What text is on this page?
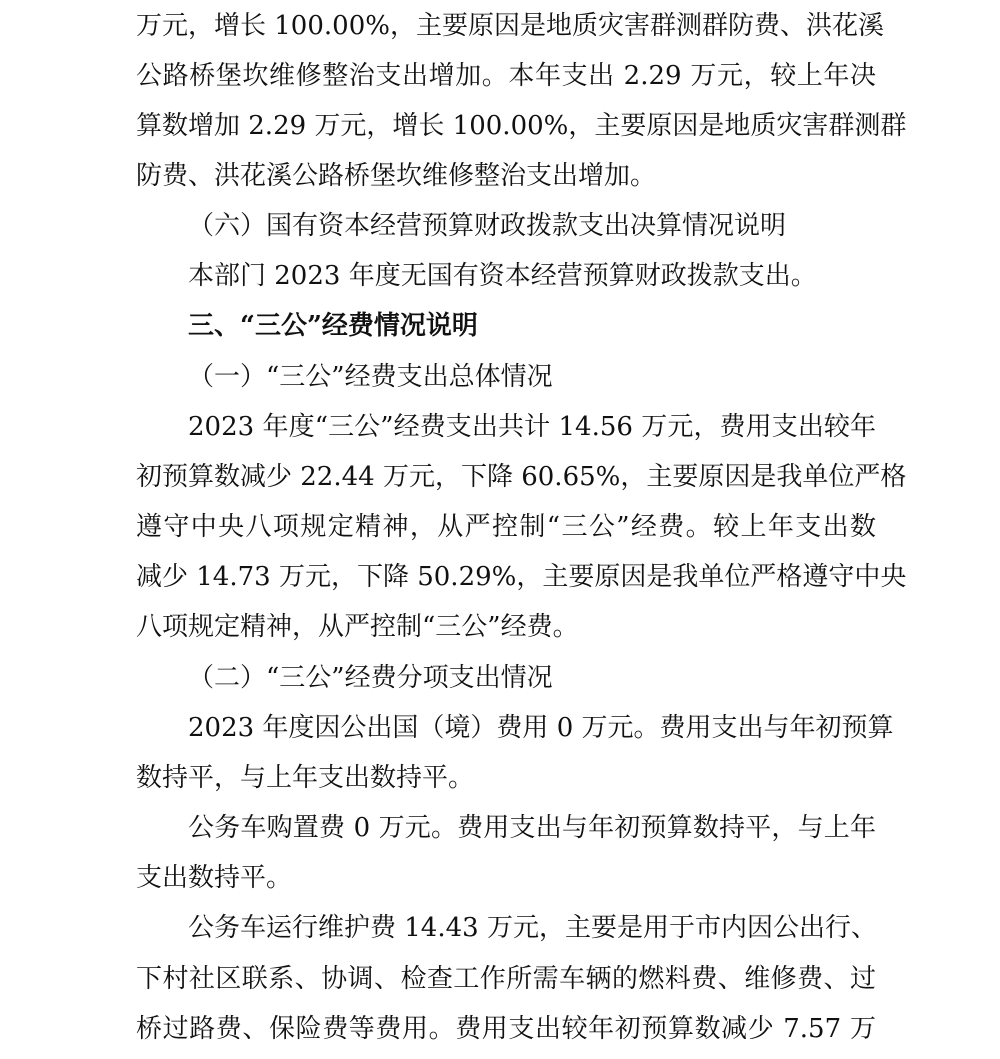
万元，增长 100.00%，主要原因是地质灾害群测群防费、洪花溪
公路桥堡坎维修整治支出增加。本年支出 2.29 万元，较上年决
算数增加 2.29 万元，增长 100.00%，主要原因是地质灾害群测群
防费、洪花溪公路桥堡坎维修整治支出增加。
（六）国有资本经营预算财政拨款支出决算情况说明
本部门 2023 年度无国有资本经营预算财政拨款支出。
三、“三公”经费情况说明
（一）“三公”经费支出总体情况
2023 年度“三公”经费支出共计 14.56 万元，费用支出较年
初预算数减少 22.44 万元，下降 60.65%，主要原因是我单位严格
遵守中央八项规定精神，从严控制“三公”经费。较上年支出数
减少 14.73 万元，下降 50.29%，主要原因是我单位严格遵守中央
八项规定精神，从严控制“三公”经费。
（二）“三公”经费分项支出情况
2023 年度因公出国（境）费用 0 万元。费用支出与年初预算
数持平，与上年支出数持平。
公务车购置费 0 万元。费用支出与年初预算数持平，与上年
支出数持平。
公务车运行维护费 14.43 万元，主要是用于市内因公出行、
下村社区联系、协调、检查工作所需车辆的燃料费、维修费、过
桥过路费、保险费等费用。费用支出较年初预算数减少 7.57 万
